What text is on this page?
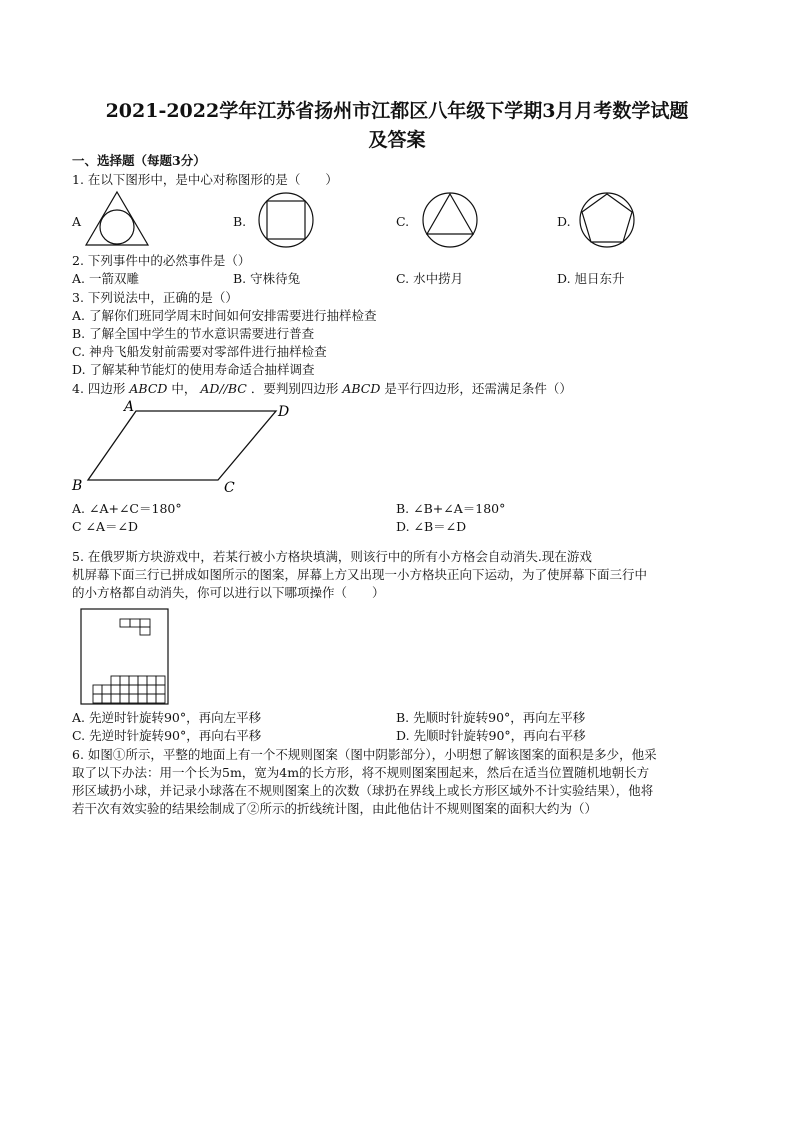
2021-2022学年江苏省扬州市江都区八年级下学期3月月考数学试题
及答案
一、选择题（每题3分）
1. 在以下图形中，是中心对称图形的是（　　）
A	B.	C.	D.
2. 下列事件中的必然事件是（）
A. 一箭双雕	B. 守株待兔	C. 水中捞月	D. 旭日东升
3. 下列说法中，正确的是（）
A. 了解你们班同学周末时间如何安排需要进行抽样检查
B. 了解全国中学生的节水意识需要进行普查
C. 神舟飞船发射前需要对零部件进行抽样检查
D. 了解某种节能灯的使用寿命适合抽样调查
4. 四边形 ABCD 中， AD//BC ．要判别四边形 ABCD 是平行四边形，还需满足条件（）
A	D
B	C
A. ∠A+∠C＝180°	B. ∠B+∠A＝180°
C ∠A＝∠D	D. ∠B＝∠D
5. 在俄罗斯方块游戏中，若某行被小方格块填满，则该行中的所有小方格会自动消失.现在游戏
机屏幕下面三行已拼成如图所示的图案，屏幕上方又出现一小方格块正向下运动，为了使屏幕下面三行中
的小方格都自动消失，你可以进行以下哪项操作（　　）
A. 先逆时针旋转90°，再向左平移	B. 先顺时针旋转90°，再向左平移
C. 先逆时针旋转90°，再向右平移	D. 先顺时针旋转90°，再向右平移
6. 如图①所示，平整的地面上有一个不规则图案（图中阴影部分），小明想了解该图案的面积是多少，他采
取了以下办法：用一个长为5m，宽为4m的长方形，将不规则图案围起来，然后在适当位置随机地朝长方
形区域扔小球，并记录小球落在不规则图案上的次数（球扔在界线上或长方形区域外不计实验结果），他将
若干次有效实验的结果绘制成了②所示的折线统计图，由此他估计不规则图案的面积大约为（）
